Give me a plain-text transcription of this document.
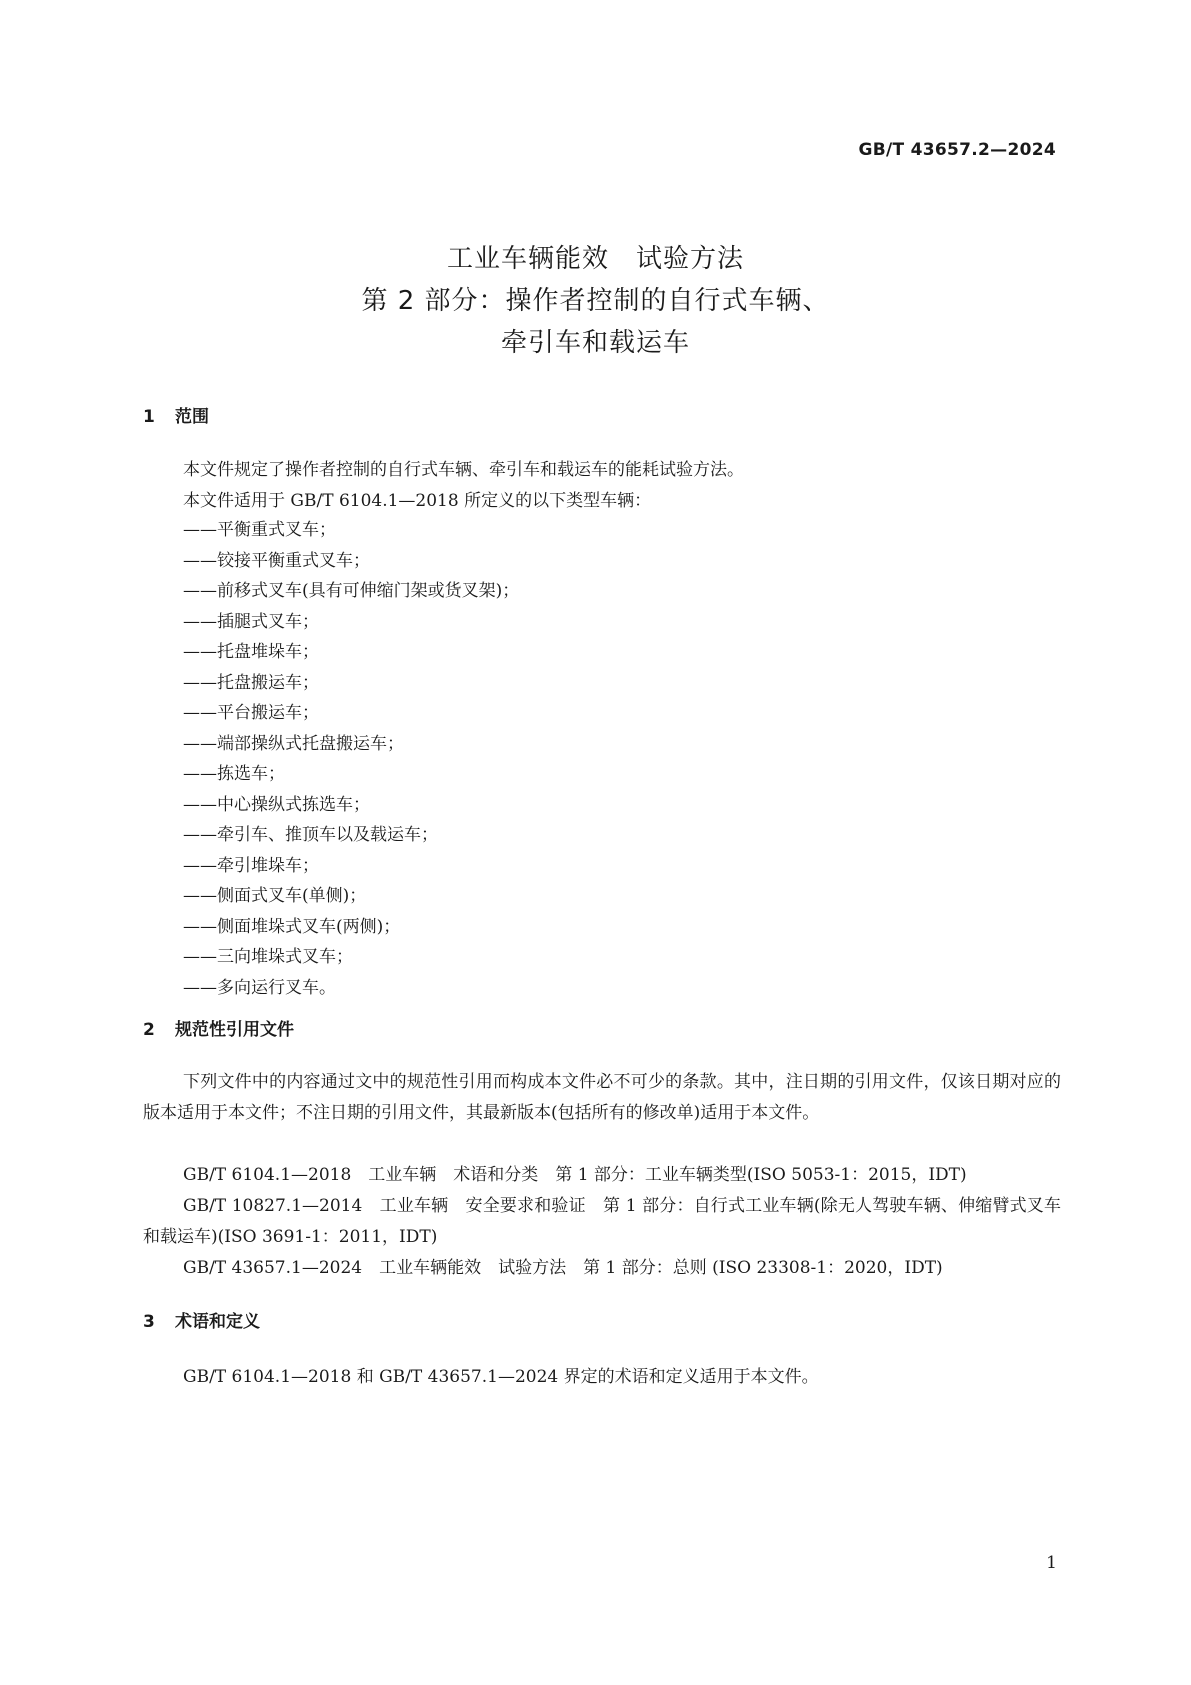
GB/T 43657.2—2024
工业车辆能效　试验方法
第 2 部分：操作者控制的自行式车辆、
牵引车和载运车
1 范围
本文件规定了操作者控制的自行式车辆、牵引车和载运车的能耗试验方法。
本文件适用于 GB/T 6104.1—2018 所定义的以下类型车辆：
——平衡重式叉车；
——铰接平衡重式叉车；
——前移式叉车(具有可伸缩门架或货叉架)；
——插腿式叉车；
——托盘堆垛车；
——托盘搬运车；
——平台搬运车；
——端部操纵式托盘搬运车；
——拣选车；
——中心操纵式拣选车；
——牵引车、推顶车以及载运车；
——牵引堆垛车；
——侧面式叉车(单侧)；
——侧面堆垛式叉车(两侧)；
——三向堆垛式叉车；
——多向运行叉车。
2 规范性引用文件
下列文件中的内容通过文中的规范性引用而构成本文件必不可少的条款。其中，注日期的引用文件，仅该日期对应的版本适用于本文件；不注日期的引用文件，其最新版本(包括所有的修改单)适用于本文件。
GB/T 6104.1—2018　工业车辆　术语和分类　第 1 部分：工业车辆类型(ISO 5053-1：2015，IDT)
GB/T 10827.1—2014　工业车辆　安全要求和验证　第 1 部分：自行式工业车辆(除无人驾驶车辆、伸缩臂式叉车和载运车)(ISO 3691-1：2011，IDT)
GB/T 43657.1—2024　工业车辆能效　试验方法　第 1 部分：总则 (ISO 23308-1：2020，IDT)
3 术语和定义
GB/T 6104.1—2018 和 GB/T 43657.1—2024 界定的术语和定义适用于本文件。
1
